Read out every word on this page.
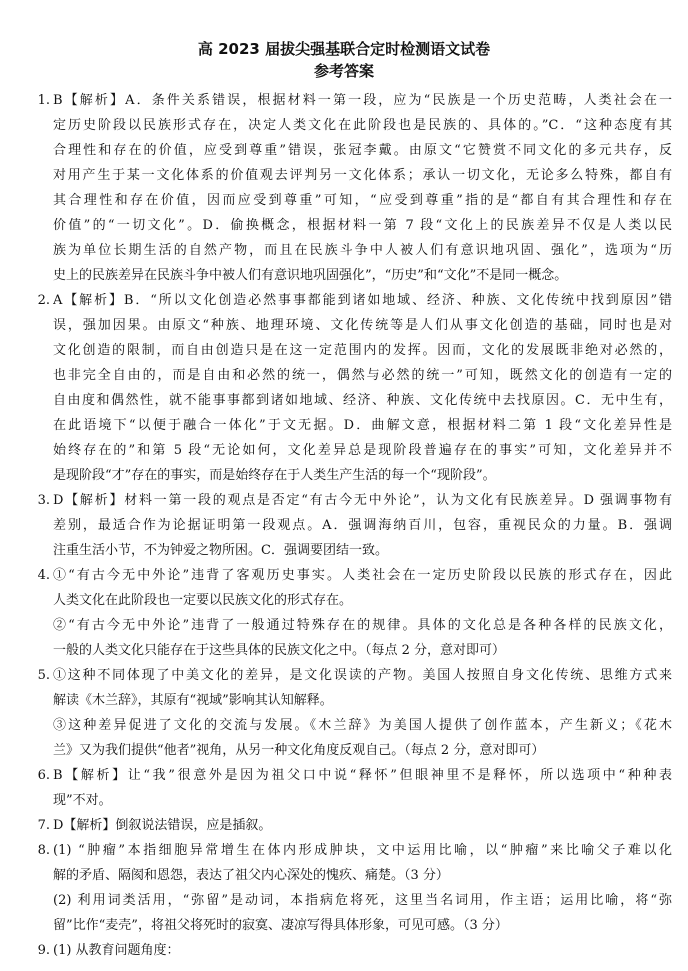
高 2023 届拔尖强基联合定时检测语文试卷
参考答案
1. B【解析】A．条件关系错误，根据材料一第一段，应为“民族是一个历史范畴，人类社会在一
定历史阶段以民族形式存在，决定人类文化在此阶段也是民族的、具体的。”C．“这种态度有其
合理性和存在的价值，应受到尊重”错误，张冠李戴。由原文“它赞赏不同文化的多元共存，反
对用产生于某一文化体系的价值观去评判另一文化体系；承认一切文化，无论多么特殊，都自有
其合理性和存在价值，因而应受到尊重”可知，“应受到尊重”指的是“都自有其合理性和存在
价值”的“一切文化”。D．偷换概念，根据材料一第 7 段“文化上的民族差异不仅是人类以民
族为单位长期生活的自然产物，而且在民族斗争中人被人们有意识地巩固、强化”，选项为“历
史上的民族差异在民族斗争中被人们有意识地巩固强化”，“历史”和“文化”不是同一概念。
2. A【解析】B．“所以文化创造必然事事都能到诸如地域、经济、种族、文化传统中找到原因”错
误，强加因果。由原文“种族、地理环境、文化传统等是人们从事文化创造的基础，同时也是对
文化创造的限制，而自由创造只是在这一定范围内的发挥。因而，文化的发展既非绝对必然的，
也非完全自由的，而是自由和必然的统一，偶然与必然的统一”可知，既然文化的创造有一定的
自由度和偶然性，就不能事事都到诸如地域、经济、种族、文化传统中去找原因。C．无中生有，
在此语境下“以便于融合一体化”于文无据。D．曲解文意，根据材料二第 1 段“文化差异性是
始终存在的”和第 5 段“无论如何，文化差异总是现阶段普遍存在的事实”可知，文化差异并不
是现阶段“才”存在的事实，而是始终存在于人类生产生活的每一个“现阶段”。
3. D【解析】材料一第一段的观点是否定“有古今无中外论”，认为文化有民族差异。D 强调事物有
差别，最适合作为论据证明第一段观点。A．强调海纳百川，包容，重视民众的力量。B．强调
注重生活小节，不为钟爱之物所困。C．强调要团结一致。
4. ①“有古今无中外论”违背了客观历史事实。人类社会在一定历史阶段以民族的形式存在，因此
人类文化在此阶段也一定要以民族文化的形式存在。
②“有古今无中外论”违背了一般通过特殊存在的规律。具体的文化总是各种各样的民族文化，
一般的人类文化只能存在于这些具体的民族文化之中。（每点 2 分，意对即可）
5. ①这种不同体现了中美文化的差异，是文化误读的产物。美国人按照自身文化传统、思维方式来
解读《木兰辞》，其原有“视域”影响其认知解释。
③这种差异促进了文化的交流与发展。《木兰辞》为美国人提供了创作蓝本，产生新义；《花木
兰》又为我们提供“他者”视角，从另一种文化角度反观自己。（每点 2 分，意对即可）
6. B【解析】让“我”很意外是因为祖父口中说“释怀”但眼神里不是释怀，所以选项中“种种表
现”不对。
7. D【解析】倒叙说法错误，应是插叙。
8. (1) “肿瘤”本指细胞异常增生在体内形成肿块，文中运用比喻，以“肿瘤”来比喻父子难以化
解的矛盾、隔阂和恩怨，表达了祖父内心深处的愧疚、痛楚。（3 分）
(2) 利用词类活用，“弥留”是动词，本指病危将死，这里当名词用，作主语；运用比喻，将“弥
留”比作“麦壳”，将祖父将死时的寂寞、凄凉写得具体形象，可见可感。（3 分）
9. (1) 从教育问题角度：
